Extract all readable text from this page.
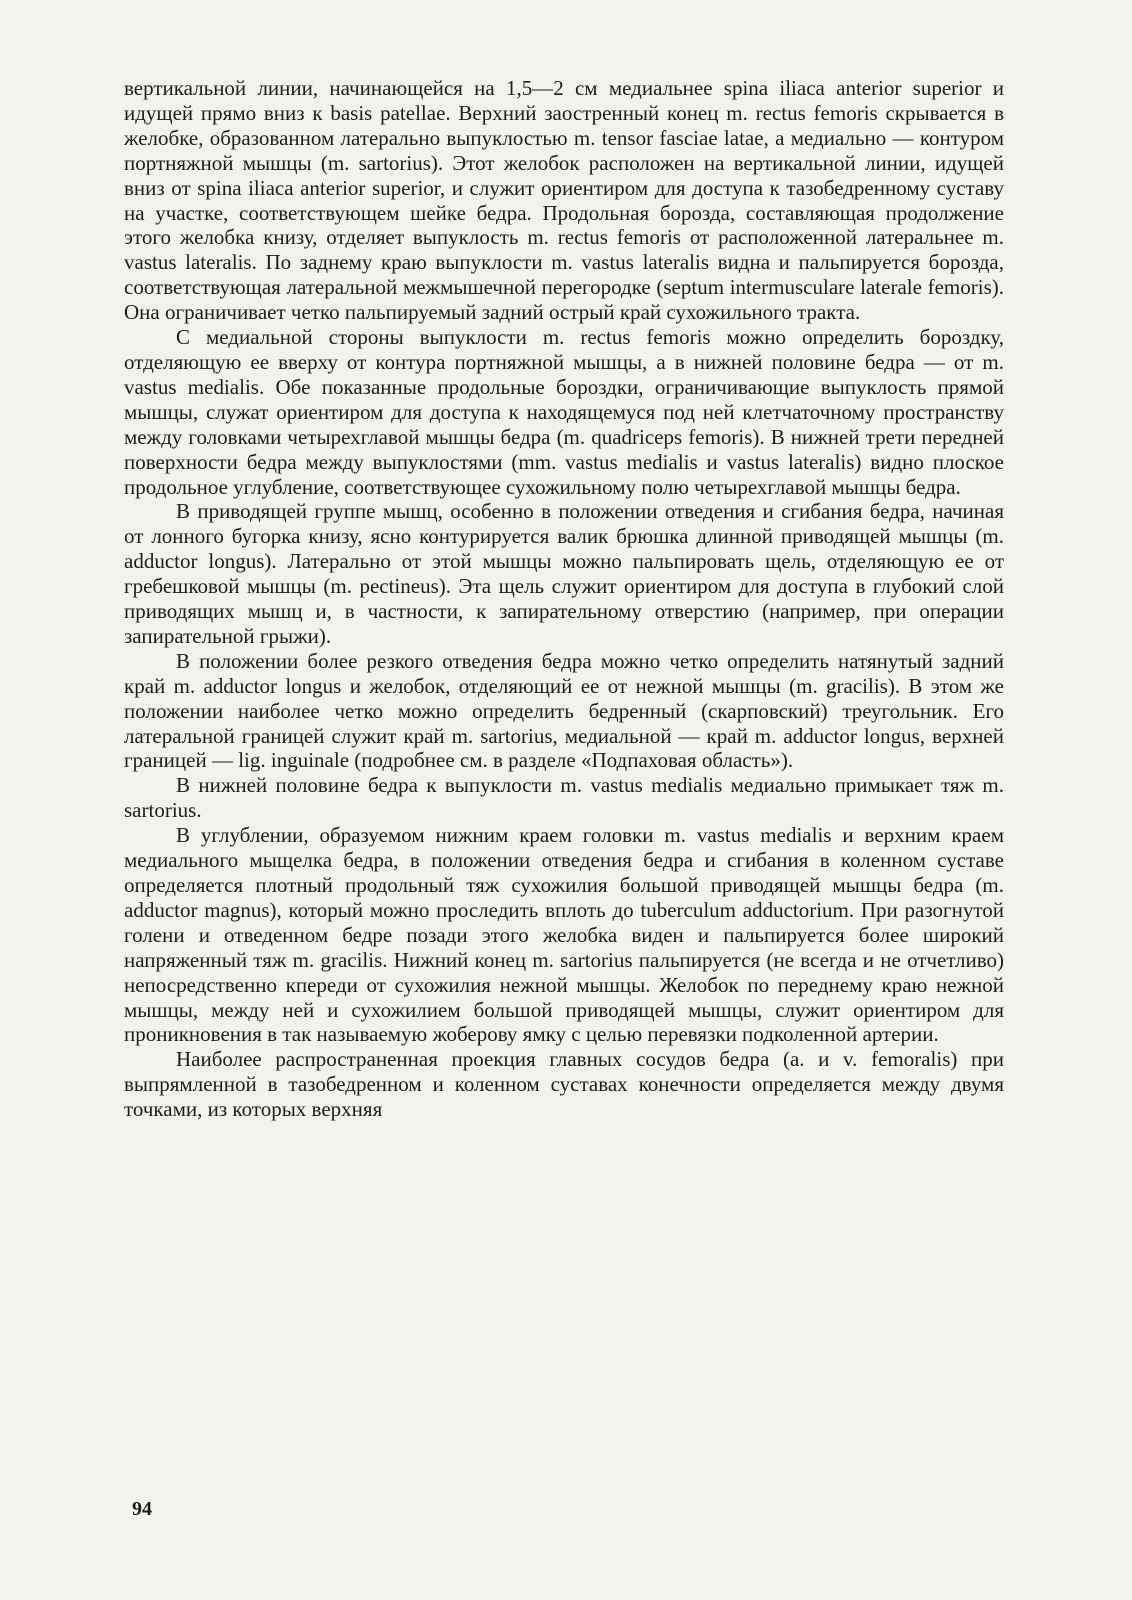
вертикальной линии, начинающейся на 1,5—2 см медиальнее spina iliaca anterior superior и идущей прямо вниз к basis patellae. Верхний заостренный конец m. rectus femoris скрывается в желобке, образованном латерально выпуклостью m. tensor fasciae latae, а медиально — контуром портняжной мышцы (m. sartorius). Этот желобок расположен на вертикальной линии, идущей вниз от spina iliaca anterior superior, и служит ориентиром для доступа к тазобедренному суставу на участке, соответствующем шейке бедра. Продольная борозда, составляющая продолжение этого желобка книзу, отделяет выпуклость m. rectus femoris от расположенной латеральнее m. vastus lateralis. По заднему краю выпуклости m. vastus lateralis видна и пальпируется борозда, соответствующая латеральной межмышечной перегородке (septum intermusculare laterale femoris). Она ограничивает четко пальпируемый задний острый край сухожильного тракта.

С медиальной стороны выпуклости m. rectus femoris можно определить бороздку, отделяющую ее вверху от контура портняжной мышцы, а в нижней половине бедра — от m. vastus medialis. Обе показанные продольные бороздки, ограничивающие выпуклость прямой мышцы, служат ориентиром для доступа к находящемуся под ней клетчаточному пространству между головками четырехглавой мышцы бедра (m. quadriceps femoris). В нижней трети передней поверхности бедра между выпуклостями (mm. vastus medialis и vastus lateralis) видно плоское продольное углубление, соответствующее сухожильному полю четырехглавой мышцы бедра.

В приводящей группе мышц, особенно в положении отведения и сгибания бедра, начиная от лонного бугорка книзу, ясно контурируется валик брюшка длинной приводящей мышцы (m. adductor longus). Латерально от этой мышцы можно пальпировать щель, отделяющую ее от гребешковой мышцы (m. pectineus). Эта щель служит ориентиром для доступа в глубокий слой приводящих мышц и, в частности, к запирательному отверстию (например, при операции запирательной грыжи).

В положении более резкого отведения бедра можно четко определить натянутый задний край m. adductor longus и желобок, отделяющий ее от нежной мышцы (m. gracilis). В этом же положении наиболее четко можно определить бедренный (скарповский) треугольник. Его латеральной границей служит край m. sartorius, медиальной — край m. adductor longus, верхней границей — lig. inguinale (подробнее см. в разделе «Подпаховая область»).

В нижней половине бедра к выпуклости m. vastus medialis медиально примыкает тяж m. sartorius.

В углублении, образуемом нижним краем головки m. vastus medialis и верхним краем медиального мыщелка бедра, в положении отведения бедра и сгибания в коленном суставе определяется плотный продольный тяж сухожилия большой приводящей мышцы бедра (m. adductor magnus), который можно проследить вплоть до tuberculum adductorium. При разогнутой голени и отведенном бедре позади этого желобка виден и пальпируется более широкий напряженный тяж m. gracilis. Нижний конец m. sartorius пальпируется (не всегда и не отчетливо) непосредственно кпереди от сухожилия нежной мышцы. Желобок по переднему краю нежной мышцы, между ней и сухожилием большой приводящей мышцы, служит ориентиром для проникновения в так называемую жоберову ямку с целью перевязки подколенной артерии.

Наиболее распространенная проекция главных сосудов бедра (a. и v. femoralis) при выпрямленной в тазобедренном и коленном суставах конечности определяется между двумя точками, из которых верхняя

94
